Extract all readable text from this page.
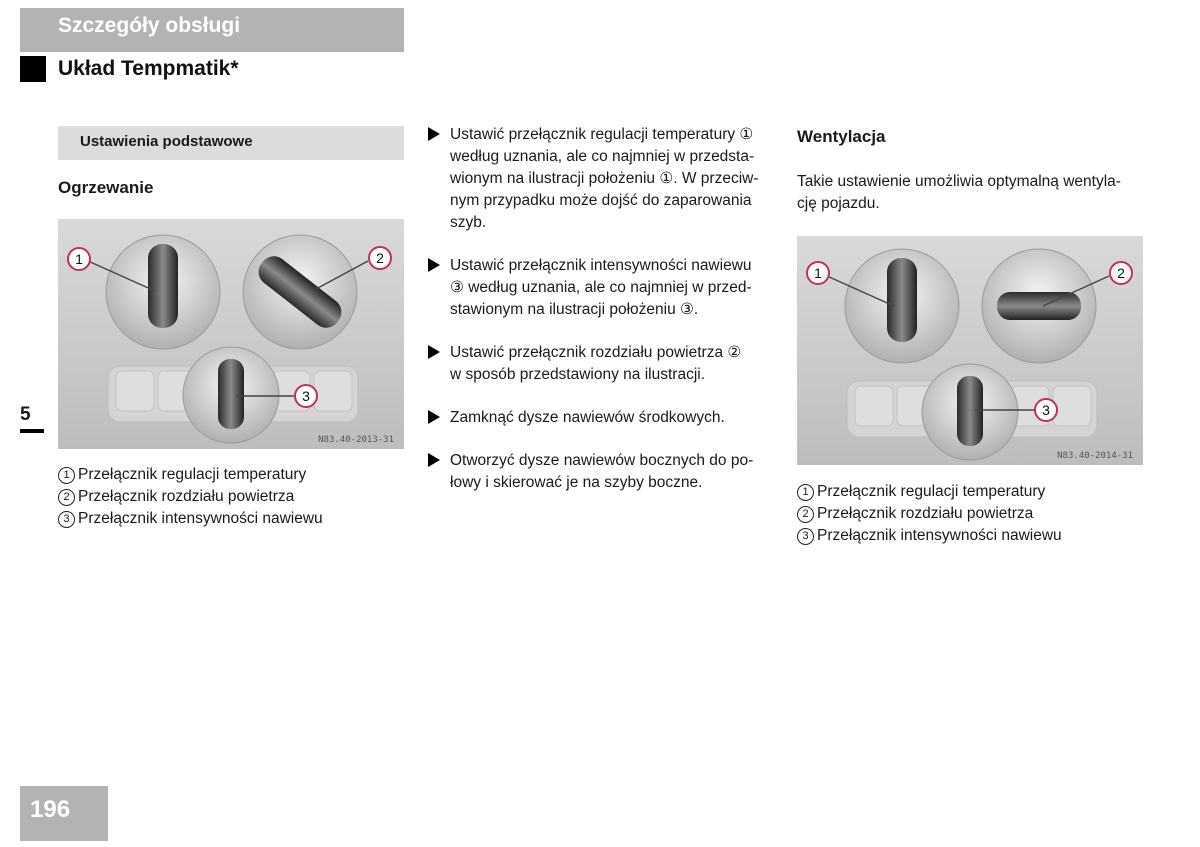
Szczegóły obsługi
Układ Tempmatik*
Ustawienia podstawowe
Ogrzewanie
1	2
3
N83.40-2013-31
1 Przełącznik regulacji temperatury
2 Przełącznik rozdziału powietrza
3 Przełącznik intensywności nawiewu
Ustawić przełącznik regulacji temperatury ①
według uznania, ale co najmniej w przedsta-
wionym na ilustracji położeniu ①. W przeciw-
nym przypadku może dojść do zaparowania
szyb.
Ustawić przełącznik intensywności nawiewu
③ według uznania, ale co najmniej w przed-
stawionym na ilustracji położeniu ③.
Ustawić przełącznik rozdziału powietrza ②
w sposób przedstawiony na ilustracji.
Zamknąć dysze nawiewów środkowych.
Otworzyć dysze nawiewów bocznych do po-
łowy i skierować je na szyby boczne.
Wentylacja
Takie ustawienie umożliwia optymalną wentyla-
cję pojazdu.
1	2
3
N83.40-2014-31
1 Przełącznik regulacji temperatury
2 Przełącznik rozdziału powietrza
3 Przełącznik intensywności nawiewu
5
196
